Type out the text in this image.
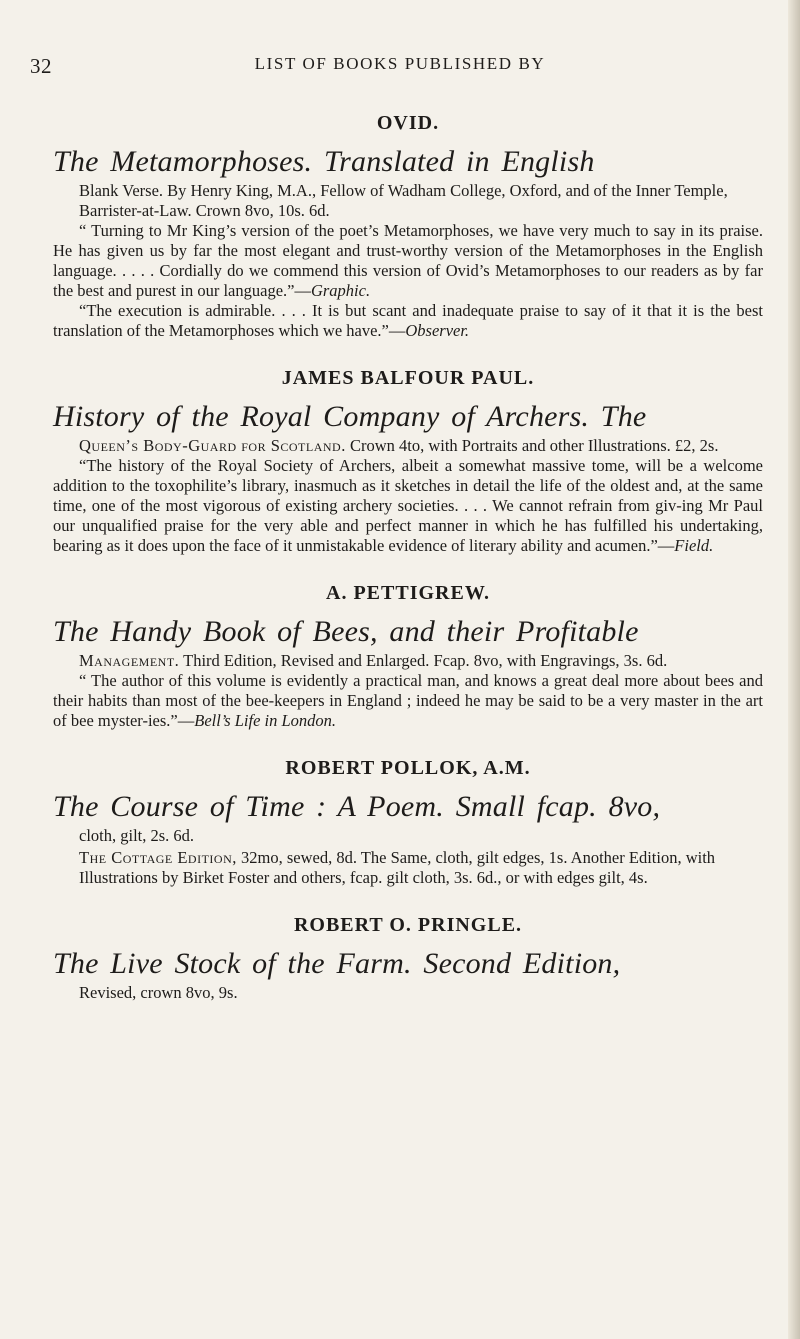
32	LIST OF BOOKS PUBLISHED BY

OVID.

The Metamorphoses. Translated in English

Blank Verse. By Henry King, M.A., Fellow of Wadham College, Oxford, and of the Inner Temple, Barrister-at-Law. Crown 8vo, 10s. 6d.

“ Turning to Mr King’s version of the poet’s Metamorphoses, we have very much to say in its praise. He has given us by far the most elegant and trust-worthy version of the Metamorphoses in the English language. . . . . Cordially do we commend this version of Ovid’s Metamorphoses to our readers as by far the best and purest in our language.”—Graphic.

“The execution is admirable. . . . It is but scant and inadequate praise to say of it that it is the best translation of the Metamorphoses which we have.”—Observer.

JAMES BALFOUR PAUL.

History of the Royal Company of Archers. The

Queen’s Body-Guard for Scotland. Crown 4to, with Portraits and other Illustrations. £2, 2s.

“The history of the Royal Society of Archers, albeit a somewhat massive tome, will be a welcome addition to the toxophilite’s library, inasmuch as it sketches in detail the life of the oldest and, at the same time, one of the most vigorous of existing archery societies. . . . We cannot refrain from giv-ing Mr Paul our unqualified praise for the very able and perfect manner in which he has fulfilled his undertaking, bearing as it does upon the face of it unmistakable evidence of literary ability and acumen.”—Field.

A. PETTIGREW.

The Handy Book of Bees, and their Profitable

Management. Third Edition, Revised and Enlarged. Fcap. 8vo, with Engravings, 3s. 6d.

“ The author of this volume is evidently a practical man, and knows a great deal more about bees and their habits than most of the bee-keepers in England ; indeed he may be said to be a very master in the art of bee myster-ies.”—Bell’s Life in London.

ROBERT POLLOK, A.M.

The Course of Time : A Poem. Small fcap. 8vo,

cloth, gilt, 2s. 6d.

The Cottage Edition, 32mo, sewed, 8d. The Same, cloth, gilt edges, 1s. Another Edition, with Illustrations by Birket Foster and others, fcap. gilt cloth, 3s. 6d., or with edges gilt, 4s.

ROBERT O. PRINGLE.

The Live Stock of the Farm. Second Edition,

Revised, crown 8vo, 9s.
